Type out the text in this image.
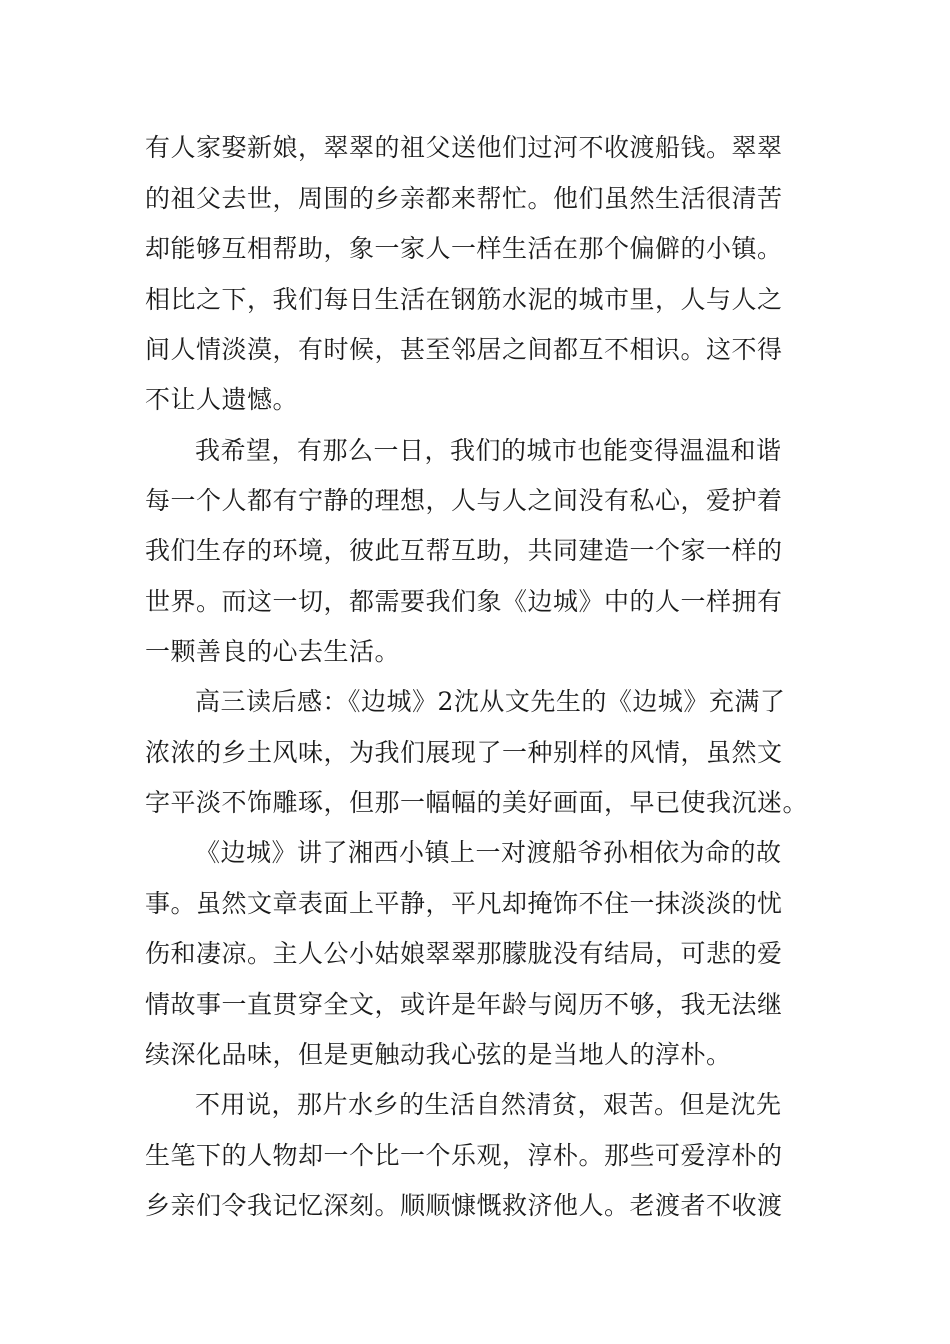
有人家娶新娘，翠翠的祖父送他们过河不收渡船钱。翠翠
的祖父去世，周围的乡亲都来帮忙。他们虽然生活很清苦
却能够互相帮助，象一家人一样生活在那个偏僻的小镇。
相比之下，我们每日生活在钢筋水泥的城市里，人与人之
间人情淡漠，有时候，甚至邻居之间都互不相识。这不得
不让人遗憾。
我希望，有那么一日，我们的城市也能变得温温和谐
每一个人都有宁静的理想，人与人之间没有私心，爱护着
我们生存的环境，彼此互帮互助，共同建造一个家一样的
世界。而这一切，都需要我们象《边城》中的人一样拥有
一颗善良的心去生活。
高三读后感：《边城》2沈从文先生的《边城》充满了
浓浓的乡土风味，为我们展现了一种别样的风情，虽然文
字平淡不饰雕琢，但那一幅幅的美好画面，早已使我沉迷。
《边城》讲了湘西小镇上一对渡船爷孙相依为命的故
事。虽然文章表面上平静，平凡却掩饰不住一抹淡淡的忧
伤和凄凉。主人公小姑娘翠翠那朦胧没有结局，可悲的爱
情故事一直贯穿全文，或许是年龄与阅历不够，我无法继
续深化品味，但是更触动我心弦的是当地人的淳朴。
不用说，那片水乡的生活自然清贫，艰苦。但是沈先
生笔下的人物却一个比一个乐观，淳朴。那些可爱淳朴的
乡亲们令我记忆深刻。顺顺慷慨救济他人。老渡者不收渡
